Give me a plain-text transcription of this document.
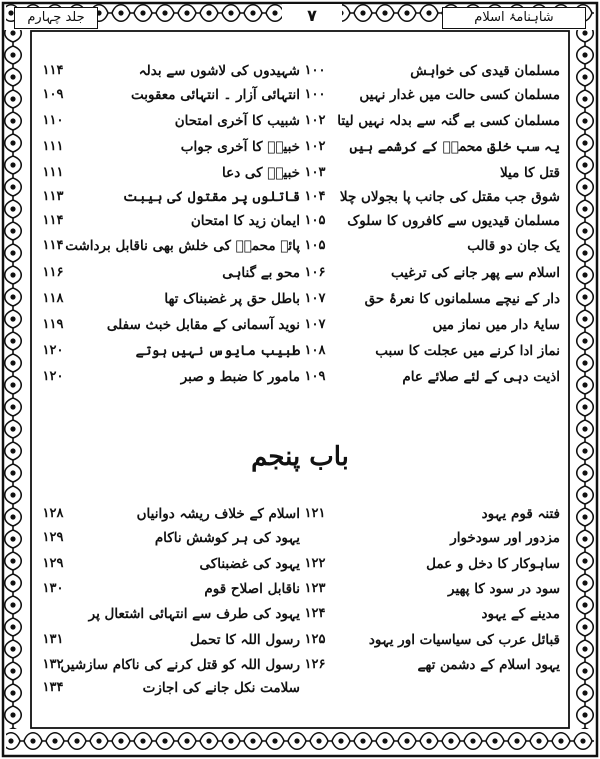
شاہنامۂ اسلام
۷
جلد چہارم
مسلمان قیدی کی خواہش
۱۰۰
شہیدوں کی لاشوں سے بدلہ
۱۱۴
مسلمان کسی حالت میں غدار نہیں
۱۰۰
انتہائی آزار ۔ انتہائی معقوبت
۱۰۹
مسلمان کسی بے گنہ سے بدلہ نہیں لیتا
۱۰۲
شبیب کا آخری امتحان
۱۱۰
یہ سب خلق محمدؐ کے کرشمے ہیں
۱۰۲
خبیبؓ کا آخری جواب
۱۱۱
قتل کا میلا
۱۰۳
خبیبؓ کی دعا
۱۱۱
شوق جب مقتل کی جانب پا بجولاں چلا
۱۰۴
قاتلوں پر مقتول کی ہیبت
۱۱۳
مسلمان قیدیوں سے کافروں کا سلوک
۱۰۵
ایمان زید کا امتحان
۱۱۴
یک جان دو قالب
۱۰۵
پائے محمدؐ کی خلش بھی ناقابل برداشت
۱۱۴
اسلام سے پھر جانے کی ترغیب
۱۰۶
محو بے گناہی
۱۱۶
دار کے نیچے مسلمانوں کا نعرۂ حق
۱۰۷
باطل حق پر غضبناک تھا
۱۱۸
سایۂ دار میں نماز میں
۱۰۷
نوید آسمانی کے مقابل خبث سفلی
۱۱۹
نماز ادا کرنے میں عجلت کا سبب
۱۰۸
طبیب مایوس نہیں ہوتے
۱۲۰
اذیت دہی کے لئے صلائے عام
۱۰۹
مامور کا ضبط و صبر
۱۲۰
باب پنجم
فتنہ قوم یہود
۱۲۱
اسلام کے خلاف ریشہ دوانیاں
۱۲۸
مزدور اور سودخوار
یہود کی ہر کوشش ناکام
۱۲۹
ساہوکار کا دخل و عمل
۱۲۲
یہود کی غضبناکی
۱۲۹
سود در سود کا پھیر
۱۲۳
ناقابل اصلاح قوم
۱۳۰
مدینے کے یہود
۱۲۴
یہود کی طرف سے انتہائی اشتعال پر
قبائل عرب کی سیاسیات اور یہود
۱۲۵
رسول اللہ کا تحمل
۱۳۱
یہود اسلام کے دشمن تھے
۱۲۶
رسول اللہ کو قتل کرنے کی ناکام سازشیں
۱۳۲
سلامت نکل جانے کی اجازت
۱۳۴
